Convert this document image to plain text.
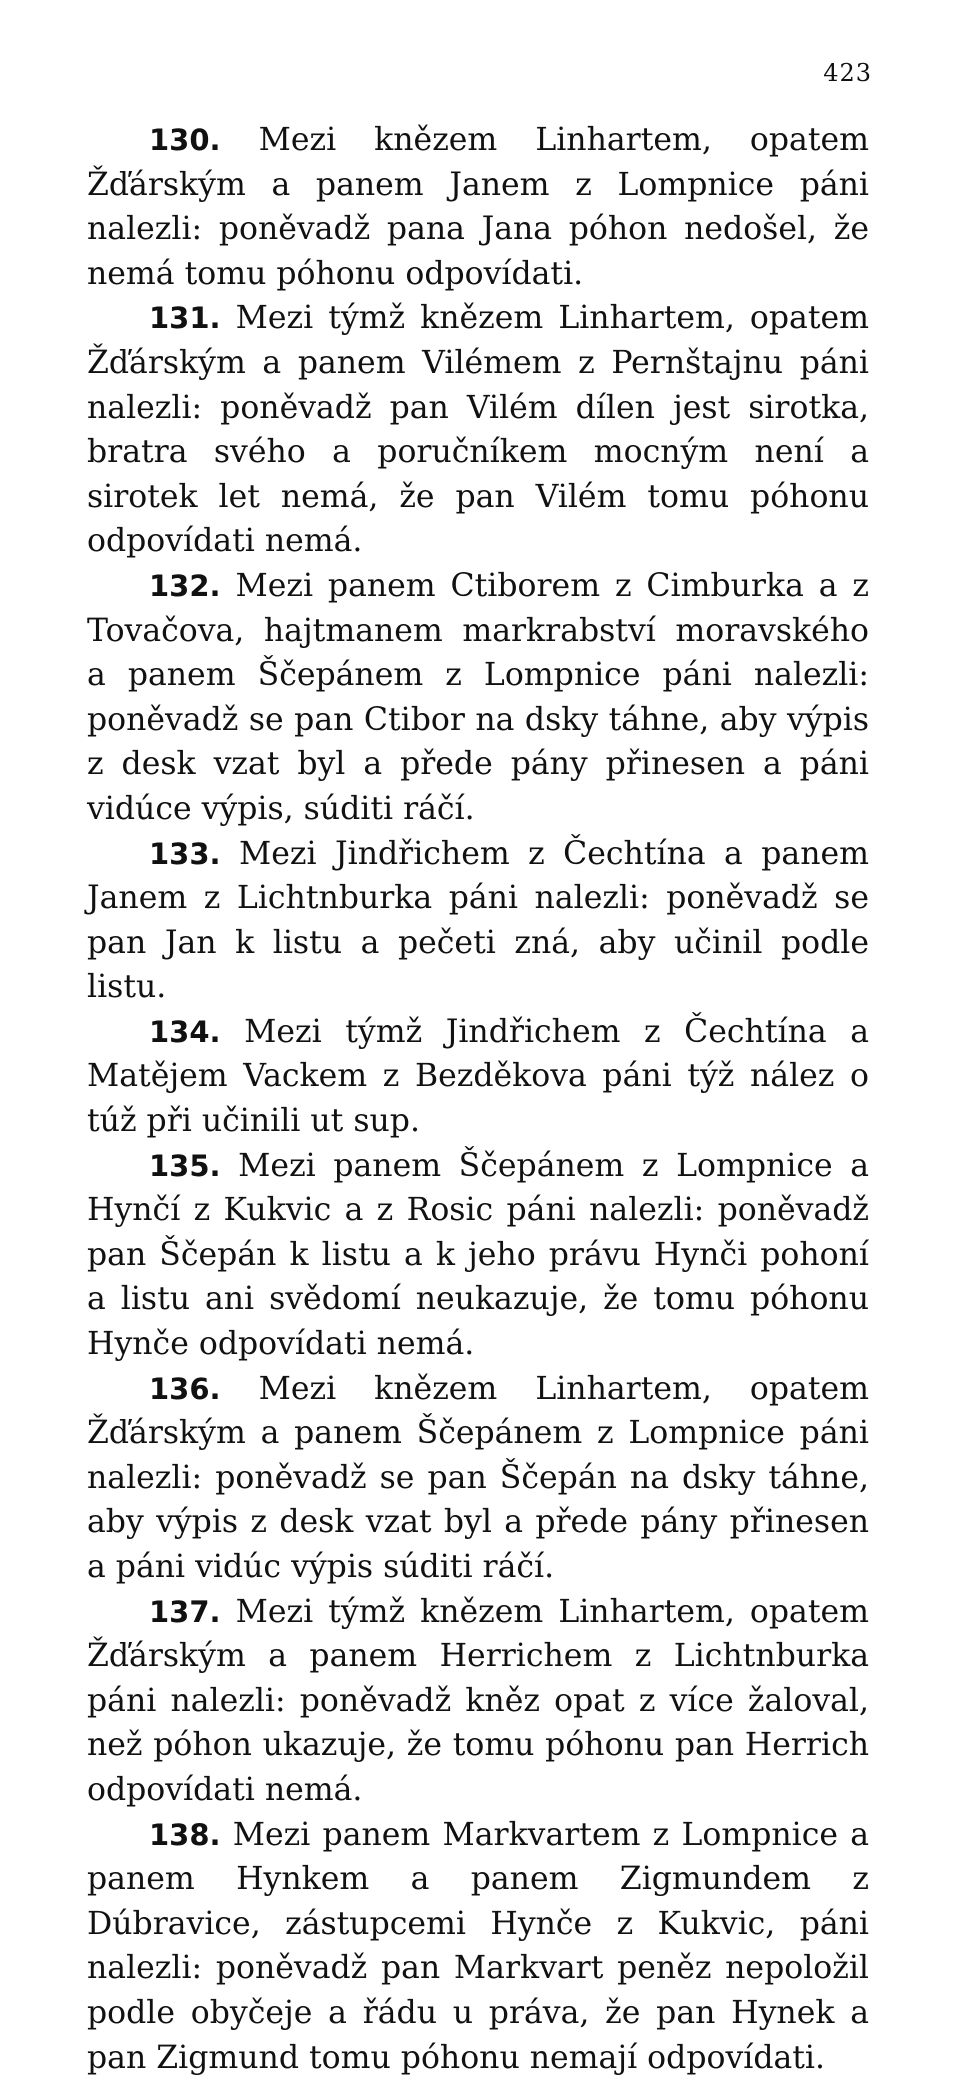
423

130. Mezi knězem Linhartem, opatem Žďárským a panem Janem z Lompnice páni nalezli: poněvadž pana Jana póhon nedošel, že nemá tomu póhonu odpovídati.

131. Mezi týmž knězem Linhartem, opatem Žďárským a panem Vilémem z Pernštajnu páni nalezli: poněvadž pan Vilém dílen jest sirotka, bratra svého a poručníkem mocným není a sirotek let nemá, že pan Vilém tomu póhonu odpovídati nemá.

132. Mezi panem Ctiborem z Cimburka a z Tovačova, hajtmanem markrabství moravského a panem Ščepánem z Lompnice páni nalezli: poněvadž se pan Ctibor na dsky táhne, aby výpis z desk vzat byl a přede pány přinesen a páni vidúce výpis, súditi ráčí.

133. Mezi Jindřichem z Čechtína a panem Janem z Lichtnburka páni nalezli: poněvadž se pan Jan k listu a pečeti zná, aby učinil podle listu.

134. Mezi týmž Jindřichem z Čechtína a Matějem Vackem z Bezděkova páni týž nález o túž při učinili ut sup.

135. Mezi panem Ščepánem z Lompnice a Hynčí z Kukvic a z Rosic páni nalezli: poněvadž pan Ščepán k listu a k jeho právu Hynči pohoní a listu ani svědomí neukazuje, že tomu póhonu Hynče odpovídati nemá.

136. Mezi knězem Linhartem, opatem Žďárským a panem Ščepánem z Lompnice páni nalezli: poněvadž se pan Ščepán na dsky táhne, aby výpis z desk vzat byl a přede pány přinesen a páni vidúc výpis súditi ráčí.

137. Mezi týmž knězem Linhartem, opatem Žďárským a panem Herrichem z Lichtnburka páni nalezli: poněvadž kněz opat z více žaloval, než póhon ukazuje, že tomu póhonu pan Herrich odpovídati nemá.

138. Mezi panem Markvartem z Lompnice a panem Hynkem a panem Zigmundem z Dúbravice, zástupcemi Hynče z Kukvic, páni nalezli: poněvadž pan Markvart peněz nepoložil podle obyčeje a řádu u práva, že pan Hynek a pan Zigmund tomu póhonu nemají odpovídati.
